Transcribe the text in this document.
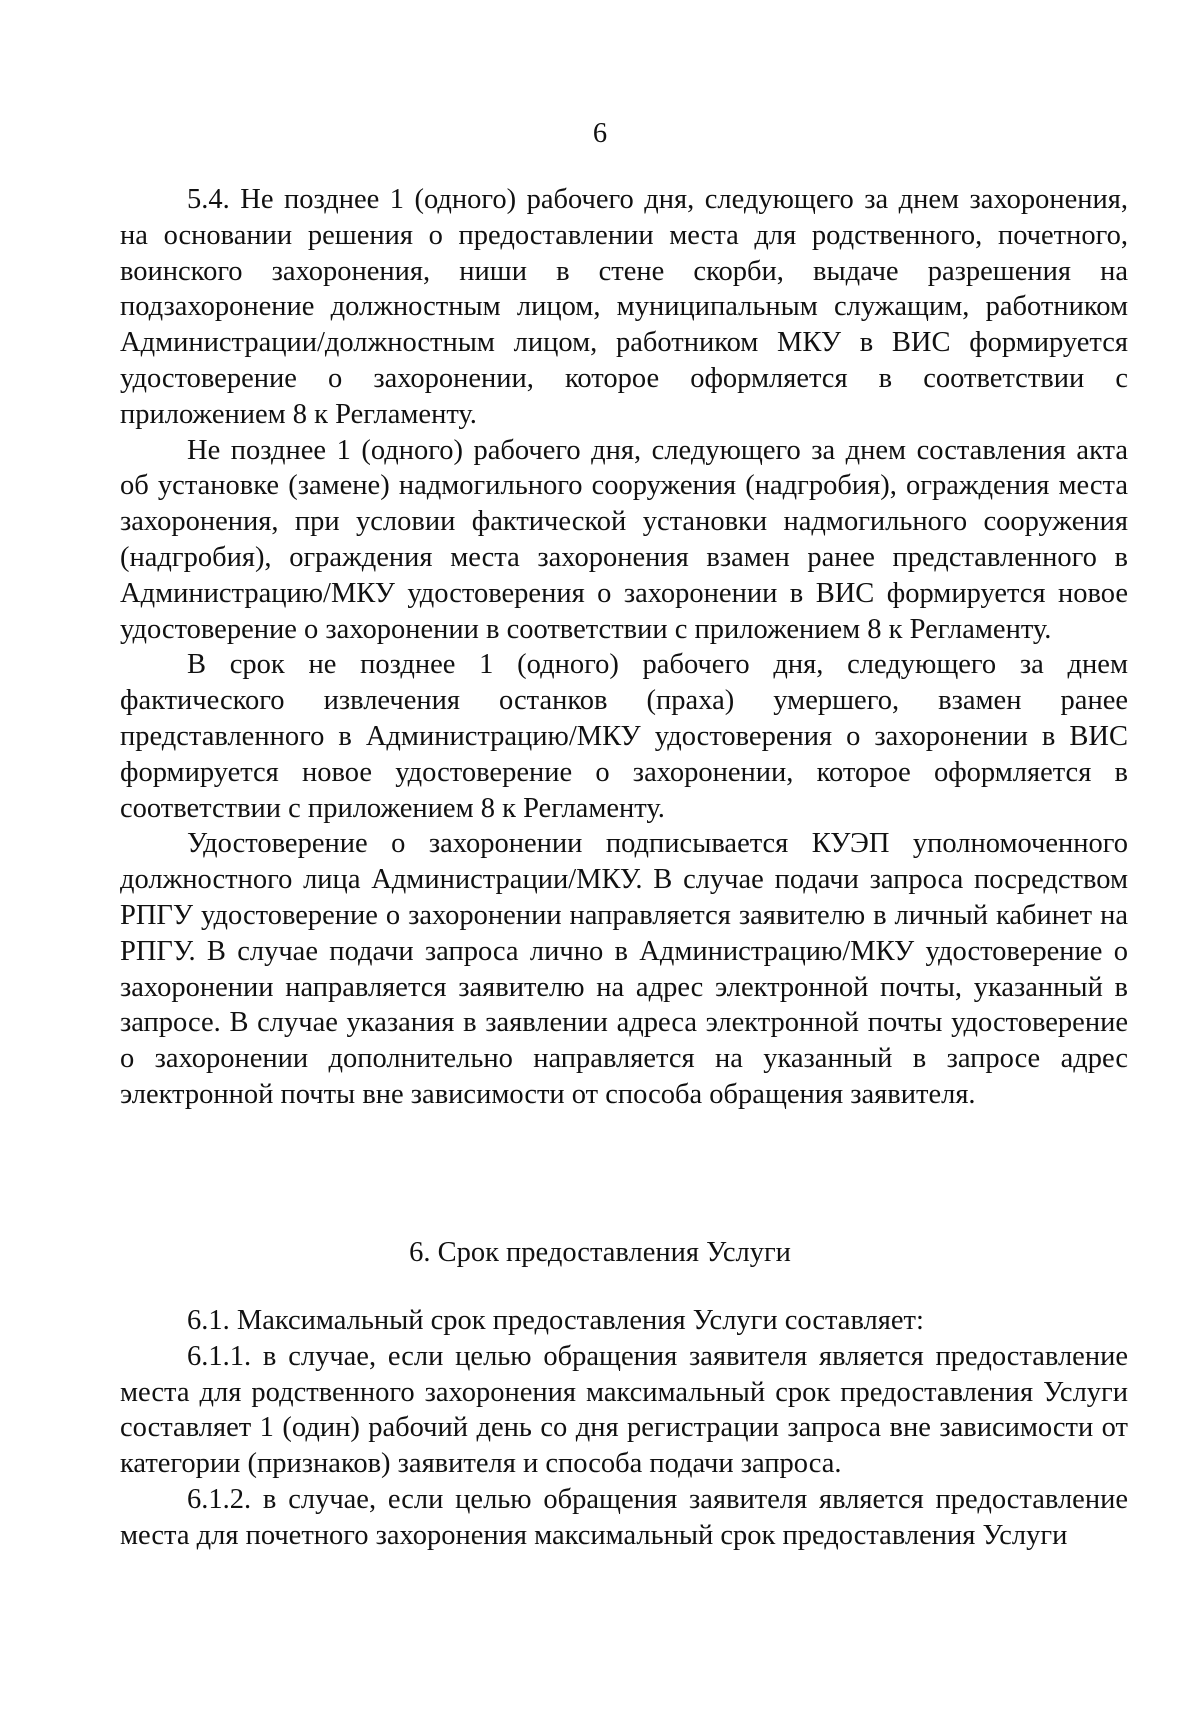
6

5.4. Не позднее 1 (одного) рабочего дня, следующего за днем захоронения, на основании решения о предоставлении места для родственного, почетного, воинского захоронения, ниши в стене скорби, выдаче разрешения на подзахоронение должностным лицом, муниципальным служащим, работником Администрации/должностным лицом, работником МКУ в ВИС формируется удостоверение о захоронении, которое оформляется в соответствии с приложением 8 к Регламенту.

Не позднее 1 (одного) рабочего дня, следующего за днем составления акта об установке (замене) надмогильного сооружения (надгробия), ограждения места захоронения, при условии фактической установки надмогильного сооружения (надгробия), ограждения места захоронения взамен ранее представленного в Администрацию/МКУ удостоверения о захоронении в ВИС формируется новое удостоверение о захоронении в соответствии с приложением 8 к Регламенту.

В срок не позднее 1 (одного) рабочего дня, следующего за днем фактического извлечения останков (праха) умершего, взамен ранее представленного в Администрацию/МКУ удостоверения о захоронении в ВИС формируется новое удостоверение о захоронении, которое оформляется в соответствии с приложением 8 к Регламенту.

Удостоверение о захоронении подписывается КУЭП уполномоченного должностного лица Администрации/МКУ. В случае подачи запроса посредством РПГУ удостоверение о захоронении направляется заявителю в личный кабинет на РПГУ. В случае подачи запроса лично в Администрацию/МКУ удостоверение о захоронении направляется заявителю на адрес электронной почты, указанный в запросе. В случае указания в заявлении адреса электронной почты удостоверение о захоронении дополнительно направляется на указанный в запросе адрес электронной почты вне зависимости от способа обращения заявителя.

6. Срок предоставления Услуги

6.1. Максимальный срок предоставления Услуги составляет:

6.1.1. в случае, если целью обращения заявителя является предоставление места для родственного захоронения максимальный срок предоставления Услуги составляет 1 (один) рабочий день со дня регистрации запроса вне зависимости от категории (признаков) заявителя и способа подачи запроса.

6.1.2. в случае, если целью обращения заявителя является предоставление места для почетного захоронения максимальный срок предоставления Услуги
